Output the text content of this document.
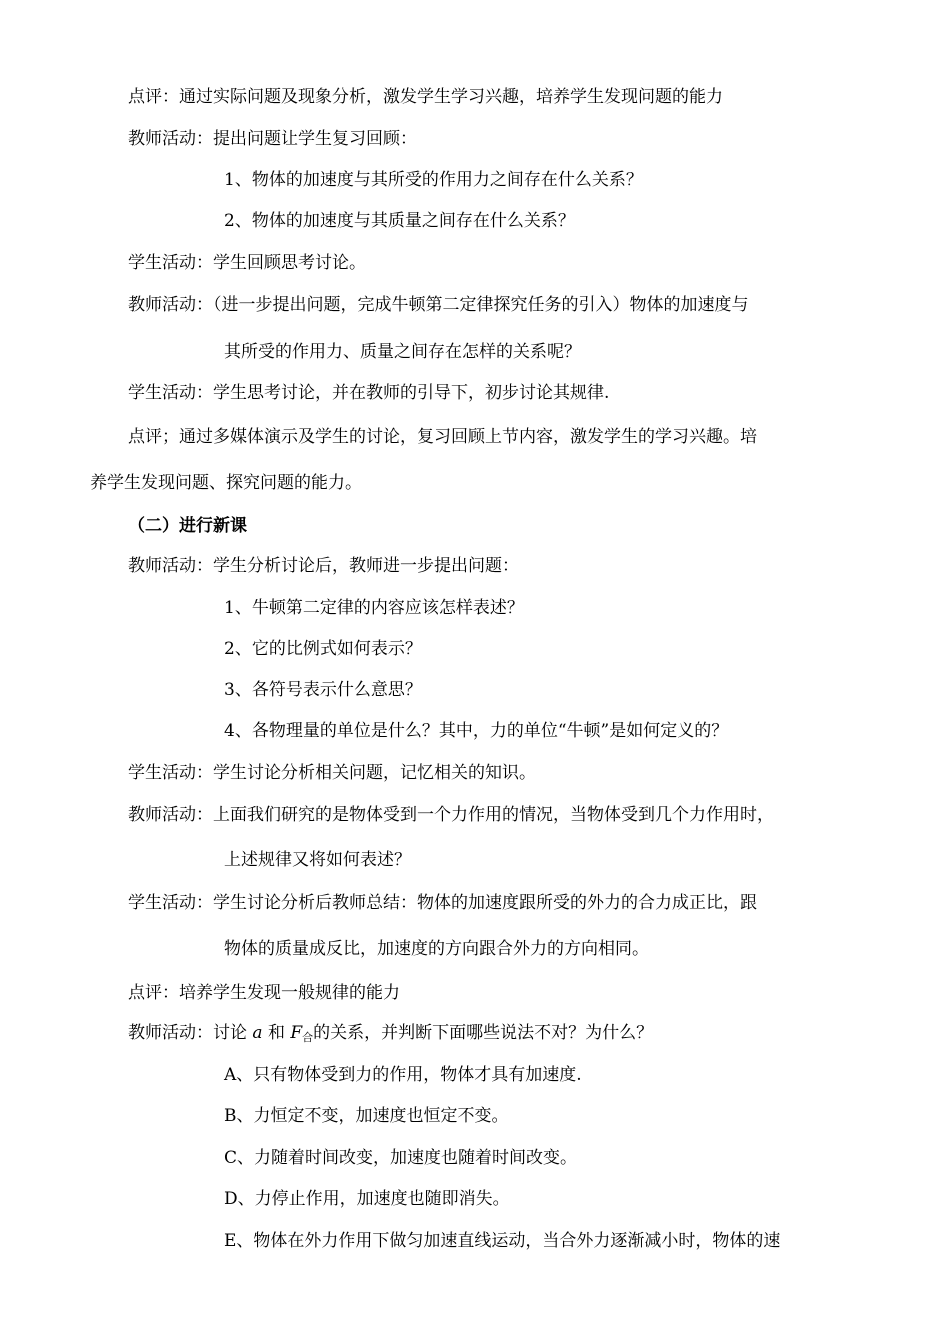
点评：通过实际问题及现象分析，激发学生学习兴趣，培养学生发现问题的能力
教师活动：提出问题让学生复习回顾：
1、物体的加速度与其所受的作用力之间存在什么关系？
2、物体的加速度与其质量之间存在什么关系？
学生活动：学生回顾思考讨论。
教师活动：（进一步提出问题，完成牛顿第二定律探究任务的引入）物体的加速度与
其所受的作用力、质量之间存在怎样的关系呢？
学生活动：学生思考讨论，并在教师的引导下，初步讨论其规律.
点评；通过多媒体演示及学生的讨论，复习回顾上节内容，激发学生的学习兴趣。培
养学生发现问题、探究问题的能力。
（二）进行新课
教师活动：学生分析讨论后，教师进一步提出问题：
1、牛顿第二定律的内容应该怎样表述？
2、它的比例式如何表示？
3、各符号表示什么意思？
4、各物理量的单位是什么？其中，力的单位“牛顿”是如何定义的？
学生活动：学生讨论分析相关问题，记忆相关的知识。
教师活动：上面我们研究的是物体受到一个力作用的情况，当物体受到几个力作用时，
上述规律又将如何表述？
学生活动：学生讨论分析后教师总结：物体的加速度跟所受的外力的合力成正比，跟
物体的质量成反比，加速度的方向跟合外力的方向相同。
点评：培养学生发现一般规律的能力
教师活动：讨论 a 和 $F_合$的关系，并判断下面哪些说法不对？为什么？
A、只有物体受到力的作用，物体才具有加速度.
B、力恒定不变，加速度也恒定不变。
C、力随着时间改变，加速度也随着时间改变。
D、力停止作用，加速度也随即消失。
E、物体在外力作用下做匀加速直线运动，当合外力逐渐减小时，物体的速
